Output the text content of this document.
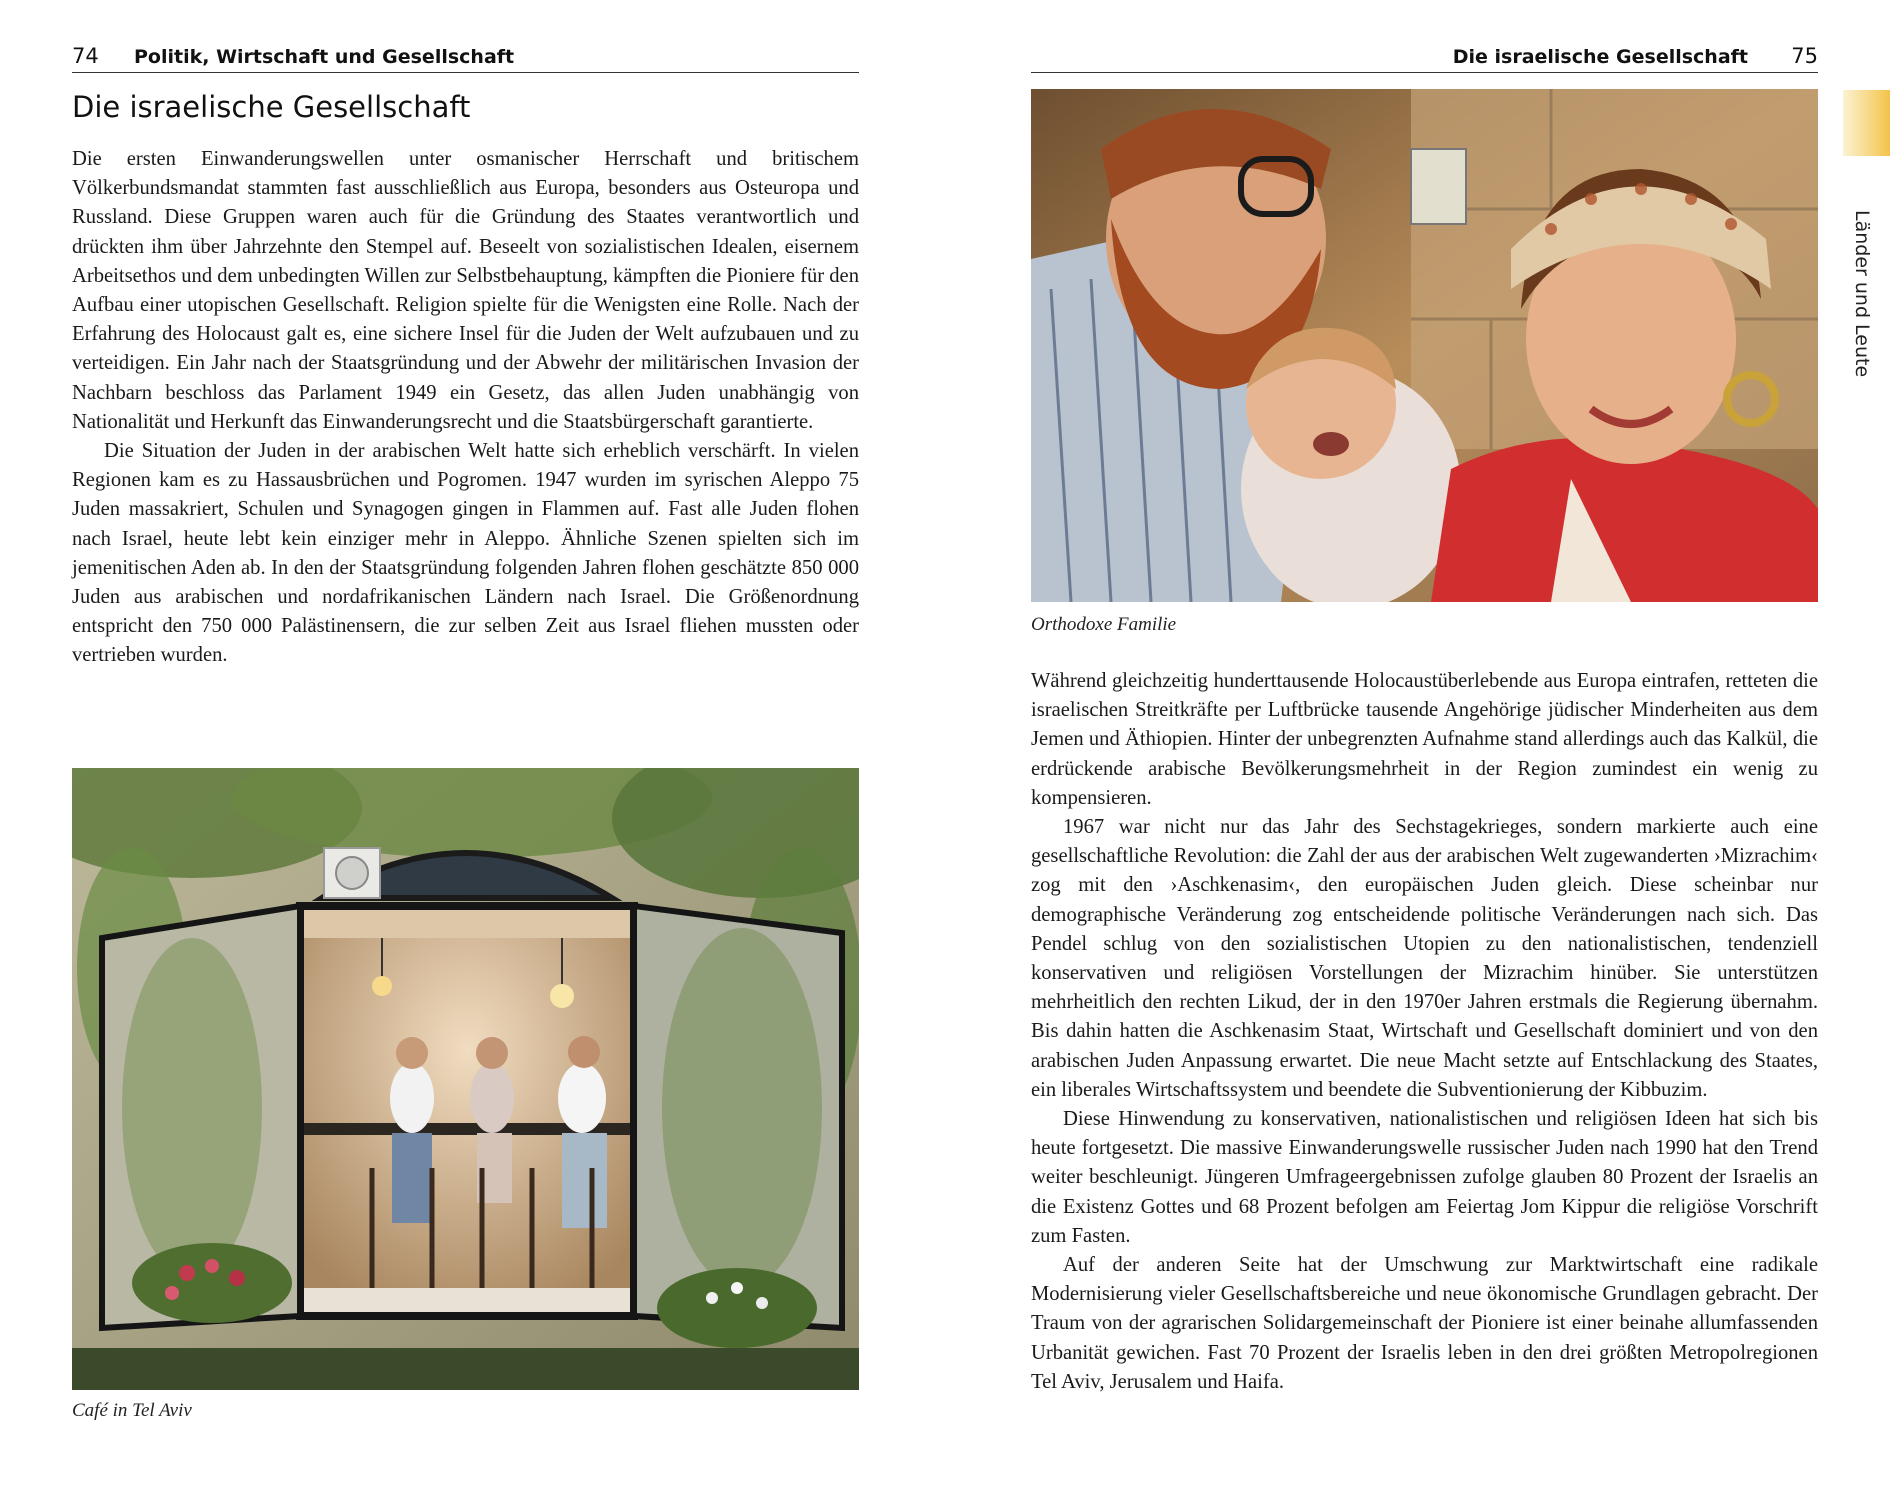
74 Politik, Wirtschaft und Gesellschaft
Die israelische Gesellschaft

Die ersten Einwanderungswellen unter osmanischer Herrschaft und britischem Völkerbundsmandat stammten fast ausschließlich aus Europa, besonders aus Osteuropa und Russland. Diese Gruppen waren auch für die Gründung des Staates verantwortlich und drückten ihm über Jahrzehnte den Stempel auf. Beseelt von sozialistischen Idealen, eisernem Arbeitsethos und dem unbedingten Willen zur Selbstbehauptung, kämpften die Pioniere für den Aufbau einer utopischen Gesellschaft. Religion spielte für die Wenigsten eine Rolle. Nach der Erfahrung des Holocaust galt es, eine sichere Insel für die Juden der Welt aufzubauen und zu verteidigen. Ein Jahr nach der Staatsgründung und der Abwehr der militärischen Invasion der Nachbarn beschloss das Parlament 1949 ein Gesetz, das allen Juden unabhängig von Nationalität und Herkunft das Einwanderungsrecht und die Staatsbürgerschaft garantierte.

Die Situation der Juden in der arabischen Welt hatte sich erheblich verschärft. In vielen Regionen kam es zu Hassausbrüchen und Pogromen. 1947 wurden im syrischen Aleppo 75 Juden massakriert, Schulen und Synagogen gingen in Flammen auf. Fast alle Juden flohen nach Israel, heute lebt kein einziger mehr in Aleppo. Ähnliche Szenen spielten sich im jemenitischen Aden ab. In den der Staatsgründung folgenden Jahren flohen geschätzte 850 000 Juden aus arabischen und nordafrikanischen Ländern nach Israel. Die Größenordnung entspricht den 750 000 Palästinensern, die zur selben Zeit aus Israel fliehen mussten oder vertrieben wurden.

Café in Tel Aviv
Die israelische Gesellschaft 75
Orthodoxe Familie

Während gleichzeitig hunderttausende Holocaustüberlebende aus Europa eintrafen, retteten die israelischen Streitkräfte per Luftbrücke tausende Angehörige jüdischer Minderheiten aus dem Jemen und Äthiopien. Hinter der unbegrenzten Aufnahme stand allerdings auch das Kalkül, die erdrückende arabische Bevölkerungsmehrheit in der Region zumindest ein wenig zu kompensieren.

1967 war nicht nur das Jahr des Sechstagekrieges, sondern markierte auch eine gesellschaftliche Revolution: die Zahl der aus der arabischen Welt zugewanderten ›Mizrachim‹ zog mit den ›Aschkenasim‹, den europäischen Juden gleich. Diese scheinbar nur demographische Veränderung zog entscheidende politische Veränderungen nach sich. Das Pendel schlug von den sozialistischen Utopien zu den nationalistischen, tendenziell konservativen und religiösen Vorstellungen der Mizrachim hinüber. Sie unterstützen mehrheitlich den rechten Likud, der in den 1970er Jahren erstmals die Regierung übernahm. Bis dahin hatten die Aschkenasim Staat, Wirtschaft und Gesellschaft dominiert und von den arabischen Juden Anpassung erwartet. Die neue Macht setzte auf Entschlackung des Staates, ein liberales Wirtschaftssystem und beendete die Subventionierung der Kibbuzim.

Diese Hinwendung zu konservativen, nationalistischen und religiösen Ideen hat sich bis heute fortgesetzt. Die massive Einwanderungswelle russischer Juden nach 1990 hat den Trend weiter beschleunigt. Jüngeren Umfrageergebnissen zufolge glauben 80 Prozent der Israelis an die Existenz Gottes und 68 Prozent befolgen am Feiertag Jom Kippur die religiöse Vorschrift zum Fasten.

Auf der anderen Seite hat der Umschwung zur Marktwirtschaft eine radikale Modernisierung vieler Gesellschaftsbereiche und neue ökonomische Grundlagen gebracht. Der Traum von der agrarischen Solidargemeinschaft der Pioniere ist einer beinahe allumfassenden Urbanität gewichen. Fast 70 Prozent der Israelis leben in den drei größten Metropolregionen Tel Aviv, Jerusalem und Haifa.

Länder und Leute
